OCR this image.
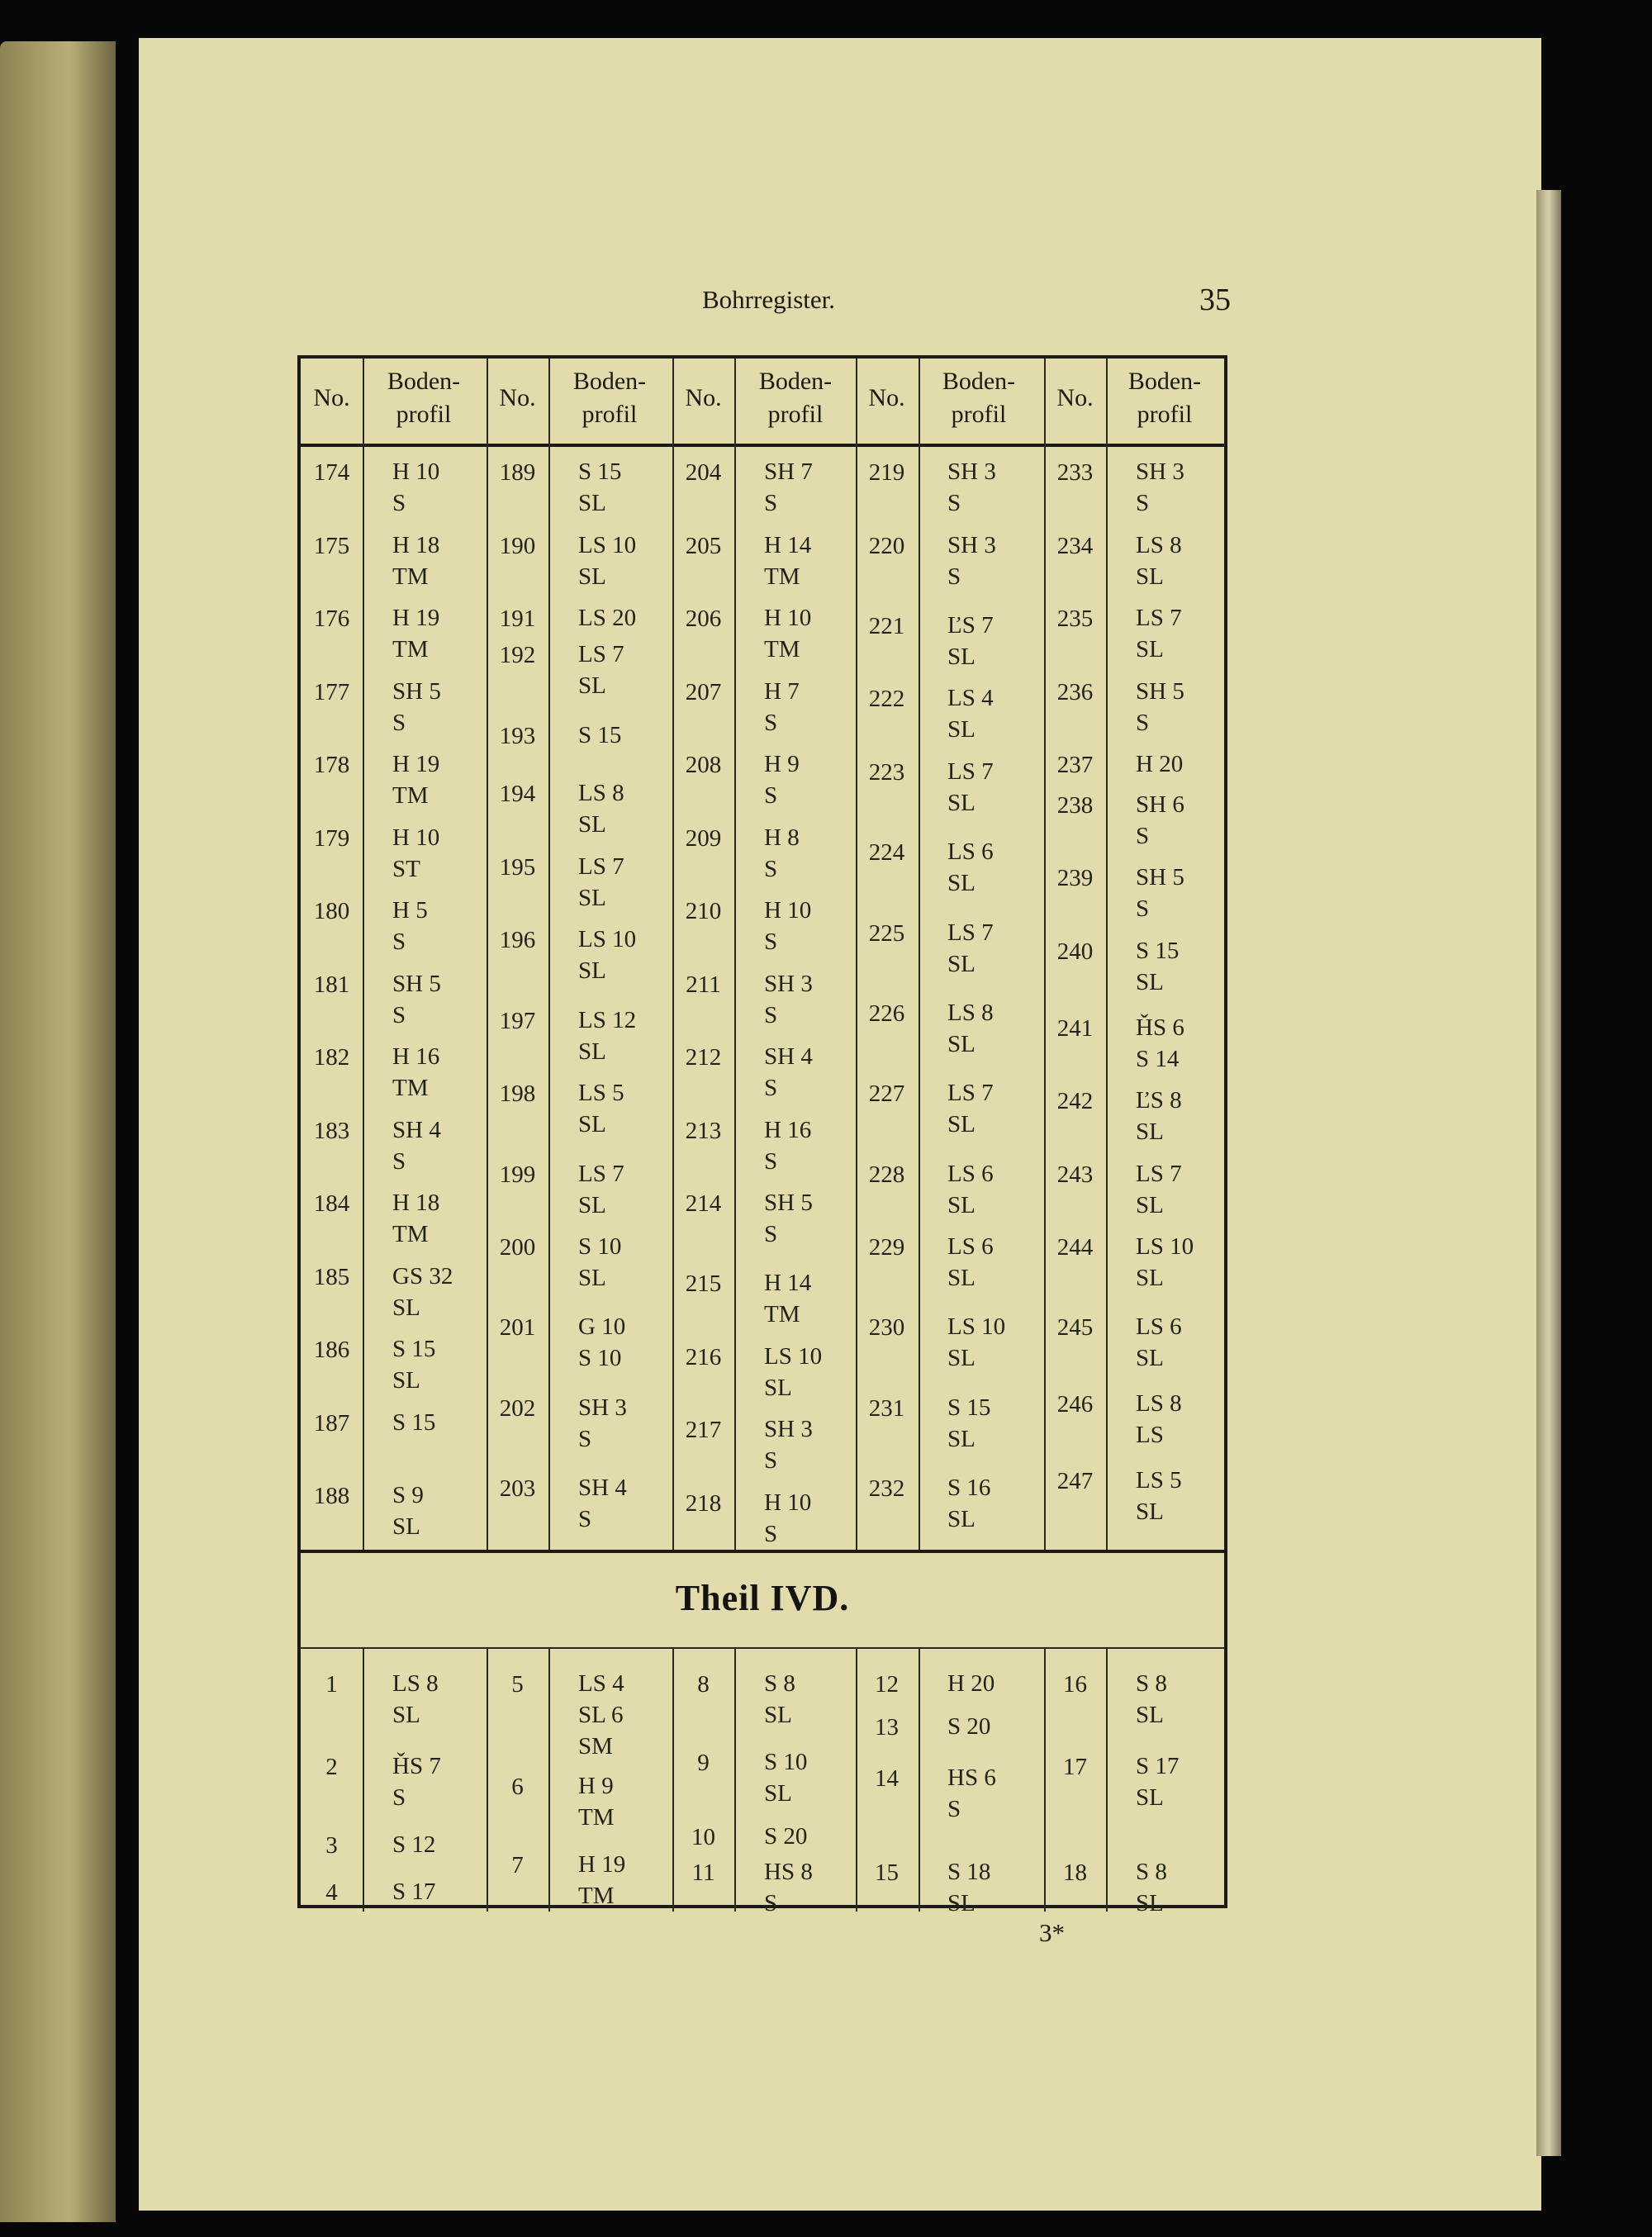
Bohrregister.	35
Theil IVD.
No.
Boden-
profil
No.
Boden-
profil
No.
Boden-
profil
No.
Boden-
profil
No.
Boden-
profil
174	H 10
S
175	H 18
TM
176	H 19
TM
177	SH 5
S
178	H 19
TM
179	H 10
ST
180	H 5
S
181	SH 5
S
182	H 16
TM
183	SH 4
S
184	H 18
TM
185	GS 32
SL
186	S 15
SL
187	S 15
188	S 9
SL
189	S 15
SL
190	LS 10
SL
191	LS 20
192	LS 7
SL
193	S 15
194	LS 8
SL
195	LS 7
SL
196	LS 10
SL
197	LS 12
SL
198	LS 5
SL
199	LS 7
SL
200	S 10
SL
201	G 10
S 10
202	SH 3
S
203	SH 4
S
204	SH 7
S
205	H 14
TM
206	H 10
TM
207	H 7
S
208	H 9
S
209	H 8
S
210	H 10
S
211	SH 3
S
212	SH 4
S
213	H 16
S
214	SH 5
S
215	H 14
TM
216	LS 10
SL
217	SH 3
S
218	H 10
S
219	SH 3
S
220	SH 3
S
221	ĽS 7
SL
222	LS 4
SL
223	LS 7
SL
224	LS 6
SL
225	LS 7
SL
226	LS 8
SL
227	LS 7
SL
228	LS 6
SL
229	LS 6
SL
230	LS 10
SL
231	S 15
SL
232	S 16
SL
233	SH 3
S
234	LS 8
SL
235	LS 7
SL
236	SH 5
S
237	H 20
238	SH 6
S
239	SH 5
S
240	S 15
SL
241	ȞS 6
S 14
242	ĽS 8
SL
243	LS 7
SL
244	LS 10
SL
245	LS 6
SL
246	LS 8
LS
247	LS 5
SL
1	LS 8
SL
2	ȞS 7
S
3	S 12
4	S 17
5	LS 4
SL 6
SM
6	H 9
TM
7	H 19
TM
8	S 8
SL
9	S 10
SL
10	S 20
11	HS 8
S
12	H 20
13	S 20
14	HS 6
S
15	S 18
SL
16	S 8
SL
17	S 17
SL
18	S 8
SL
3*
